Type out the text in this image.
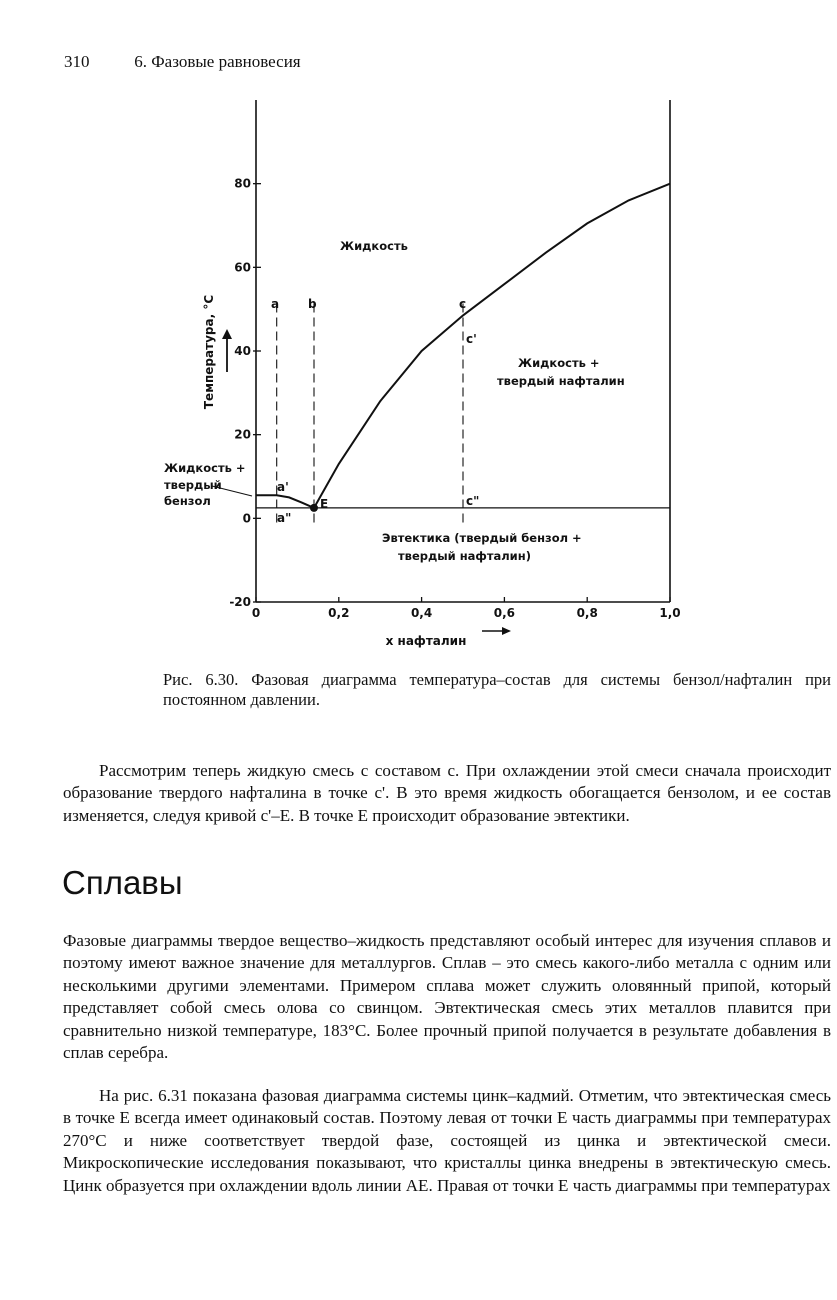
310	6. Фазовые равновесия
-20
0
20
40
60
80
0	0,2	0,4	0,6	0,8	1,0
Температура, °С
x нафталин
Жидкость
Жидкость +
твердый нафталин
Эвтектика (твердый бензол +
твердый нафталин)
Жидкость +
твердый
бензол
a b	c
c'
c"
a'
a"
E
Рис. 6.30. Фазовая диаграмма температура–состав для системы бензол/нафталин при постоянном давлении.

Рассмотрим теперь жидкую смесь с составом c. При охлаждении этой смеси сначала происходит образование твердого нафталина в точке c'. В это время жидкость обогащается бензолом, и ее состав изменяется, следуя кривой c'–E. В точке E происходит образование эвтектики.

Сплавы

Фазовые диаграммы твердое вещество–жидкость представляют особый интерес для изучения сплавов и поэтому имеют важное значение для металлургов. Сплав – это смесь какого-либо металла с одним или несколькими другими элементами. Примером сплава может служить оловянный припой, который представляет собой смесь олова со свинцом. Эвтектическая смесь этих металлов плавится при сравнительно низкой температуре, 183°С. Более прочный припой получается в результате добавления в сплав серебра.

На рис. 6.31 показана фазовая диаграмма системы цинк–кадмий. Отметим, что эвтектическая смесь в точке E всегда имеет одинаковый состав. Поэтому левая от точки E часть диаграммы при температурах 270°С и ниже соответствует твердой фазе, состоящей из цинка и эвтектической смеси. Микроскопические исследования показывают, что кристаллы цинка внедрены в эвтектическую смесь. Цинк образуется при охлаждении вдоль линии AE. Правая от точки E часть диаграммы при температурах
